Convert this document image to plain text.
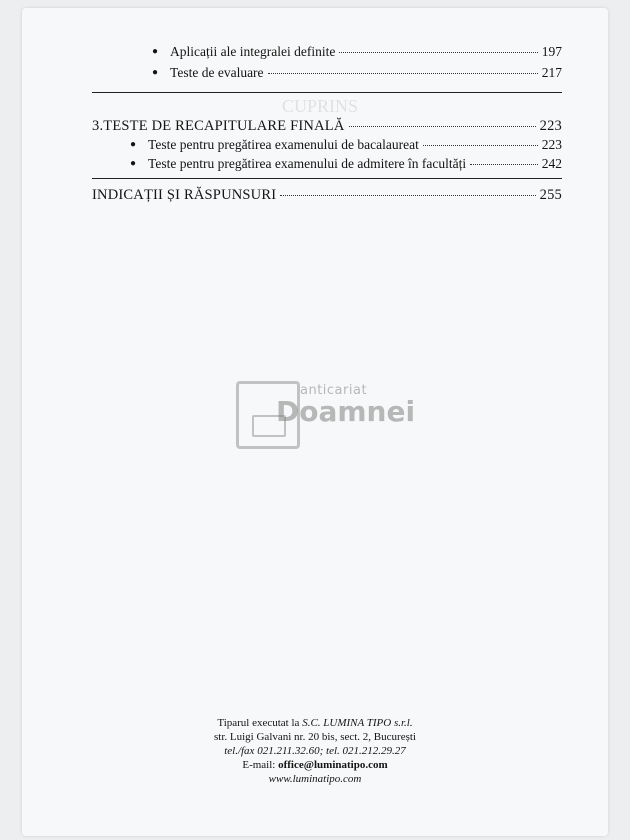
CUPRINS
● Aplicații ale integralei definite	197
● Teste de evaluare	217
3.TESTE DE RECAPITULARE FINALĂ	223
● Teste pentru pregătirea examenului de bacalaureat	223
● Teste pentru pregătirea examenului de admitere în facultăți	242
INDICAȚII ȘI RĂSPUNSURI	255
anticariat
Doamnei
Tiparul executat la S.C. LUMINA TIPO s.r.l.
str. Luigi Galvani nr. 20 bis, sect. 2, București
tel./fax 021.211.32.60; tel. 021.212.29.27
E-mail: office@luminatipo.com
www.luminatipo.com
